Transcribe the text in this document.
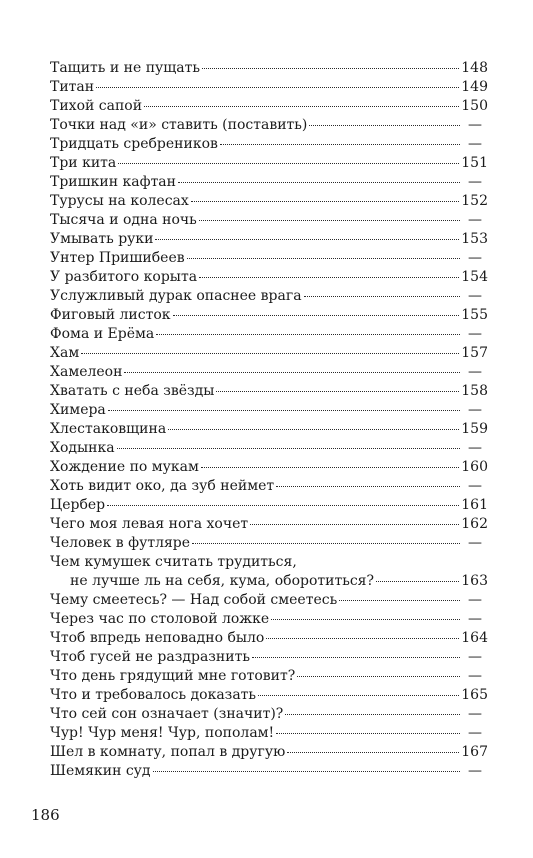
Тащить и не пущать	148
Титан	149
Тихой сапой	150
Точки над «и» ставить (поставить)	—
Тридцать сребреников	—
Три кита	151
Тришкин кафтан	—
Турусы на колесах	152
Тысяча и одна ночь	—
Умывать руки	153
Унтер Пришибеев	—
У разбитого корыта	154
Услужливый дурак опаснее врага	—
Фиговый листок	155
Фома и Ерёма	—
Хам	157
Хамелеон	—
Хватать с неба звёзды	158
Химера	—
Хлестаковщина	159
Ходынка	—
Хождение по мукам	160
Хоть видит око, да зуб неймет	—
Цербер	161
Чего моя левая нога хочет	162
Человек в футляре	—
Чем кумушек считать трудиться,
не лучше ль на себя, кума, оборотиться?	163
Чему смеетесь? — Над собой смеетесь	—
Через час по столовой ложке	—
Чтоб впредь неповадно было	164
Чтоб гусей не раздразнить	—
Что день грядущий мне готовит?	—
Что и требовалось доказать	165
Что сей сон означает (значит)?	—
Чур! Чур меня! Чур, пополам!	—
Шел в комнату, попал в другую	167
Шемякин суд	—
186
